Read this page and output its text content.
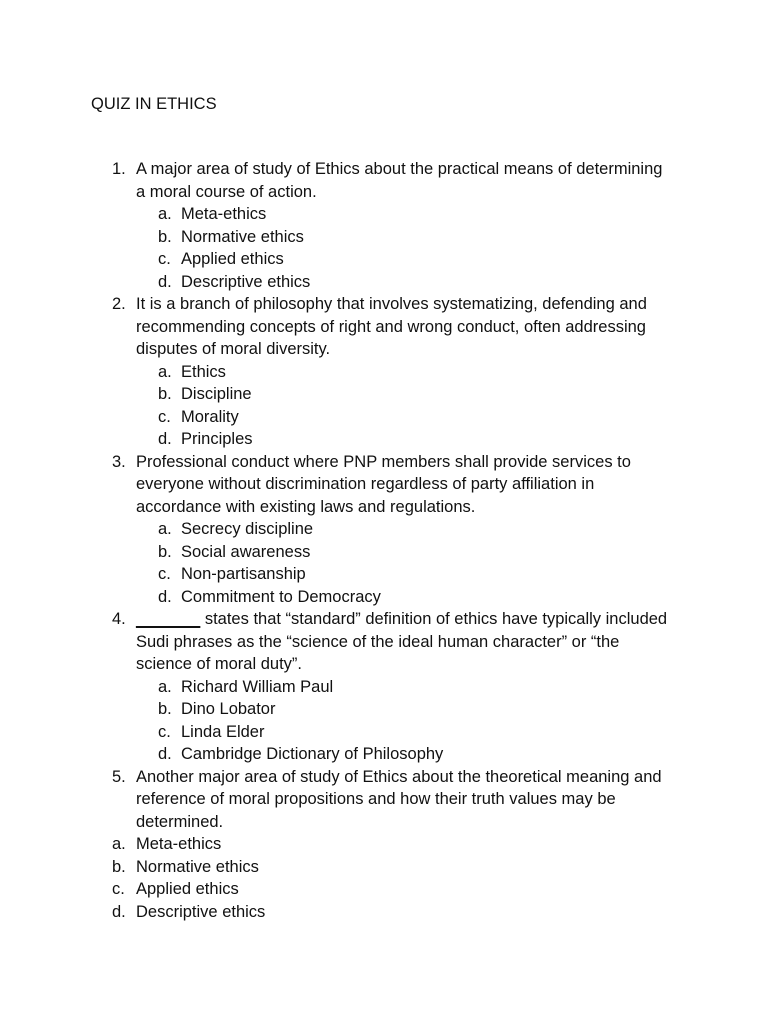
QUIZ IN ETHICS
1. A major area of study of Ethics about the practical means of determining a moral course of action.
a. Meta-ethics
b. Normative ethics
c. Applied ethics
d. Descriptive ethics
2. It is a branch of philosophy that involves systematizing, defending and recommending concepts of right and wrong conduct, often addressing disputes of moral diversity.
a. Ethics
b. Discipline
c. Morality
d. Principles
3. Professional conduct where PNP members shall provide services to everyone without discrimination regardless of party affiliation in accordance with existing laws and regulations.
a. Secrecy discipline
b. Social awareness
c. Non-partisanship
d. Commitment to Democracy
4. _______ states that “standard” definition of ethics have typically included Sudi phrases as the “science of the ideal human character” or “the science of moral duty”.
a. Richard William Paul
b. Dino Lobator
c. Linda Elder
d. Cambridge Dictionary of Philosophy
5. Another major area of study of Ethics about the theoretical meaning and reference of moral propositions and how their truth values may be determined.
a. Meta-ethics
b. Normative ethics
c. Applied ethics
d. Descriptive ethics
